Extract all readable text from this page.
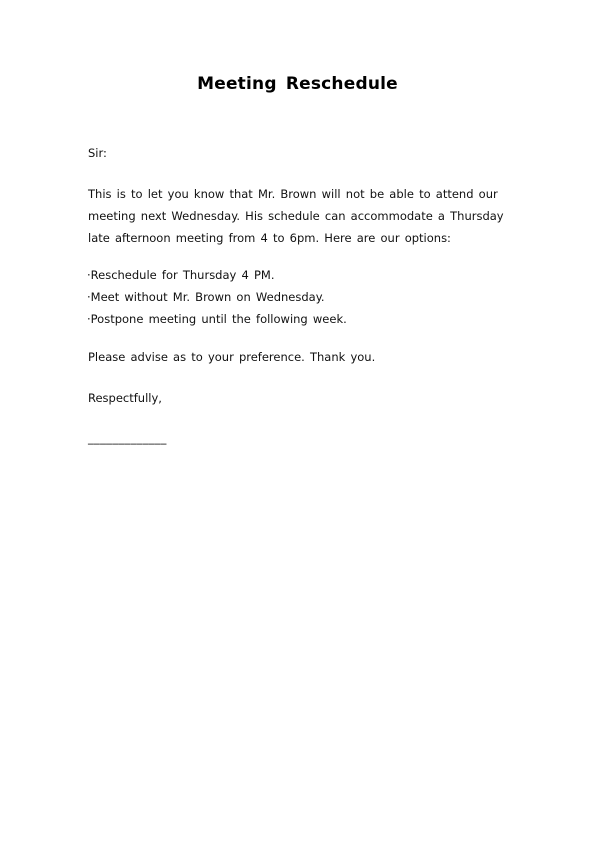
Meeting Reschedule
Sir:
This is to let you know that Mr. Brown will not be able to attend our
meeting next Wednesday. His schedule can accommodate a Thursday
late afternoon meeting from 4 to 6pm. Here are our options:
·Reschedule for Thursday 4 PM.
·Meet without Mr. Brown on Wednesday.
·Postpone meeting until the following week.
Please advise as to your preference. Thank you.
Respectfully,
_____________
